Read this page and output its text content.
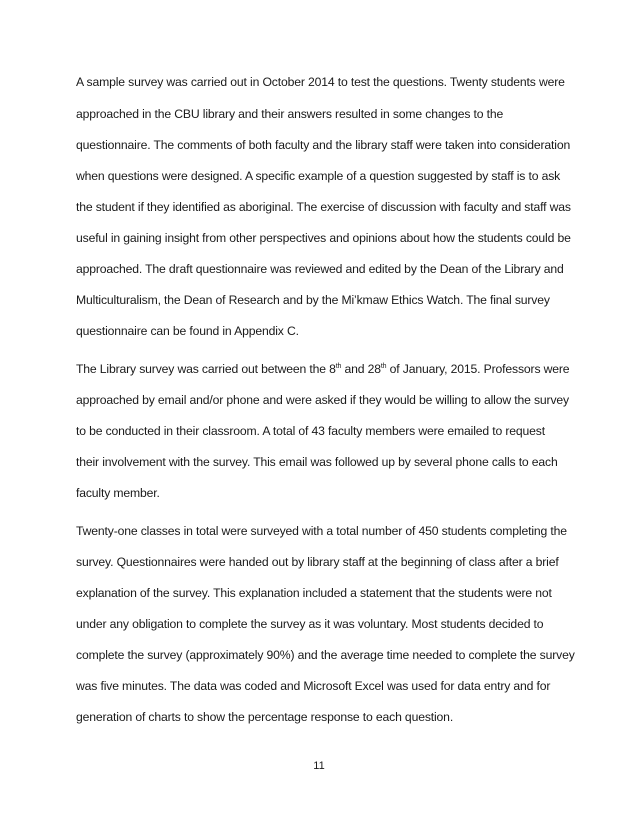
A sample survey was carried out in October 2014 to test the questions. Twenty students were
approached in the CBU library and their answers resulted in some changes to the
questionnaire. The comments of both faculty and the library staff were taken into consideration
when questions were designed. A specific example of a question suggested by staff is to ask
the student if they identified as aboriginal. The exercise of discussion with faculty and staff was
useful in gaining insight from other perspectives and opinions about how the students could be
approached. The draft questionnaire was reviewed and edited by the Dean of the Library and
Multiculturalism, the Dean of Research and by the Mi’kmaw Ethics Watch. The final survey
questionnaire can be found in Appendix C.
The Library survey was carried out between the 8th and 28th of January, 2015. Professors were
approached by email and/or phone and were asked if they would be willing to allow the survey
to be conducted in their classroom. A total of 43 faculty members were emailed to request
their involvement with the survey. This email was followed up by several phone calls to each
faculty member.
Twenty-one classes in total were surveyed with a total number of 450 students completing the
survey. Questionnaires were handed out by library staff at the beginning of class after a brief
explanation of the survey. This explanation included a statement that the students were not
under any obligation to complete the survey as it was voluntary. Most students decided to
complete the survey (approximately 90%) and the average time needed to complete the survey
was five minutes. The data was coded and Microsoft Excel was used for data entry and for
generation of charts to show the percentage response to each question.
11
